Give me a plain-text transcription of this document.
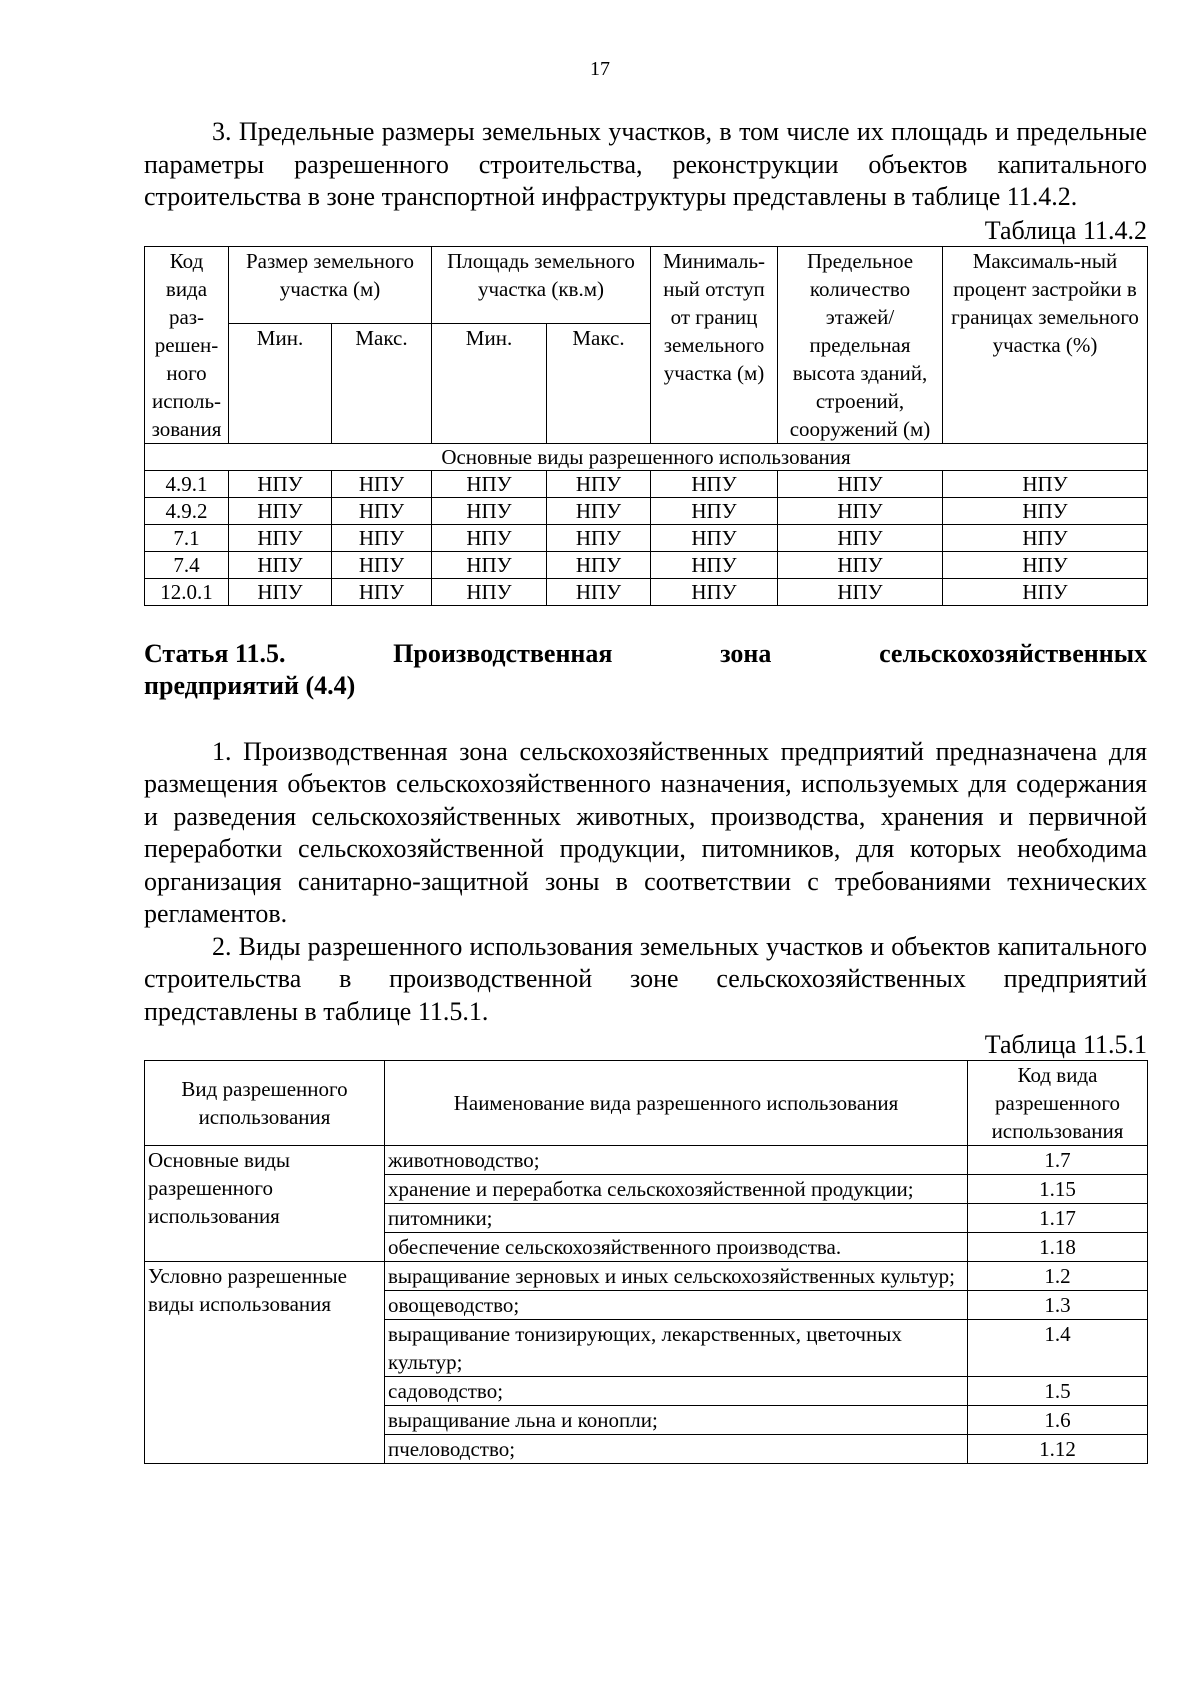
17

3. Предельные размеры земельных участков, в том числе их площадь и предельные параметры разрешенного строительства, реконструкции объектов капитального строительства в зоне транспортной инфраструктуры представлены в таблице 11.4.2.

Таблица 11.4.2
Код вида раз-решен-ного исполь-зования	Размер земельного участка (м)		Площадь земельного участка (кв.м)		Минималь-ный отступ от границ земельного участка (м)	Предельное количество этажей/ предельная высота зданий, строений, сооружений (м)	Максималь-ный процент застройки в границах земельного участка (%)
	Мин.	Макс.	Мин.	Макс.			
Основные виды разрешенного использования							
4.9.1	НПУ	НПУ	НПУ	НПУ	НПУ	НПУ	НПУ
4.9.2	НПУ	НПУ	НПУ	НПУ	НПУ	НПУ	НПУ
7.1	НПУ	НПУ	НПУ	НПУ	НПУ	НПУ	НПУ
7.4	НПУ	НПУ	НПУ	НПУ	НПУ	НПУ	НПУ
12.0.1	НПУ	НПУ	НПУ	НПУ	НПУ	НПУ	НПУ
Статья 11.5.	Производственная	зона	сельскохозяйственных
предприятий (4.4)

1. Производственная зона сельскохозяйственных предприятий предназначена для размещения объектов сельскохозяйственного назначения, используемых для содержания и разведения сельскохозяйственных животных, производства, хранения и первичной переработки сельскохозяйственной продукции, питомников, для которых необходима организация санитарно-защитной зоны в соответствии с требованиями технических регламентов.

2. Виды разрешенного использования земельных участков и объектов капитального строительства в производственной зоне сельскохозяйственных предприятий представлены в таблице 11.5.1.

Таблица 11.5.1
Вид разрешенного использования	Наименование вида разрешенного использования	Код вида разрешенного использования
Основные виды разрешенного использования	животноводство;	1.7
	хранение и переработка сельскохозяйственной продукции;	1.15
	питомники;	1.17
	обеспечение сельскохозяйственного производства.	1.18
Условно разрешенные виды использования	выращивание зерновых и иных сельскохозяйственных культур;	1.2
	овощеводство;	1.3
	выращивание тонизирующих, лекарственных, цветочных культур;	1.4
	садоводство;	1.5
	выращивание льна и конопли;	1.6
	пчеловодство;	1.12
